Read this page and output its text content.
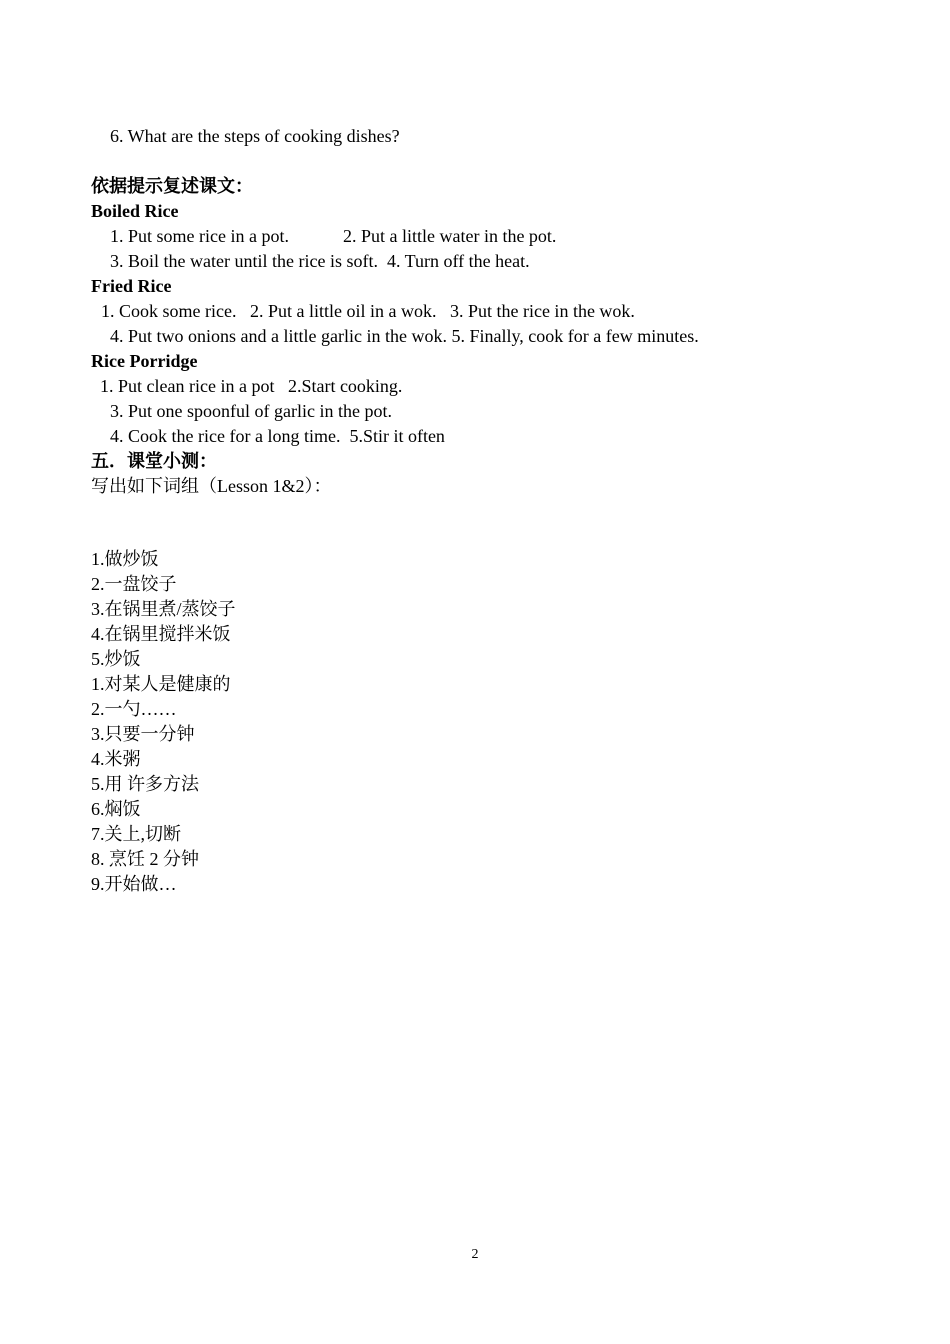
6. What are the steps of cooking dishes?
依据提示复述课文：
Boiled Rice
1. Put some rice in a pot.            2. Put a little water in the pot.
3. Boil the water until the rice is soft.  4. Turn off the heat.
Fried Rice
1. Cook some rice.   2. Put a little oil in a wok.   3. Put the rice in the wok.
4. Put two onions and a little garlic in the wok. 5. Finally, cook for a few minutes.
Rice Porridge
1. Put clean rice in a pot   2.Start cooking.
3. Put one spoonful of garlic in the pot.
4. Cook the rice for a long time.  5.Stir it often
五．课堂小测：
写出如下词组（Lesson 1&2）：
1.做炒饭
2.一盘饺子
3.在锅里煮/蒸饺子
4.在锅里搅拌米饭
5.炒饭
1.对某人是健康的
2.一勺……
3.只要一分钟
4.米粥
5.用 许多方法
6.焖饭
7.关上,切断
8. 烹饪 2 分钟
9.开始做…
2
